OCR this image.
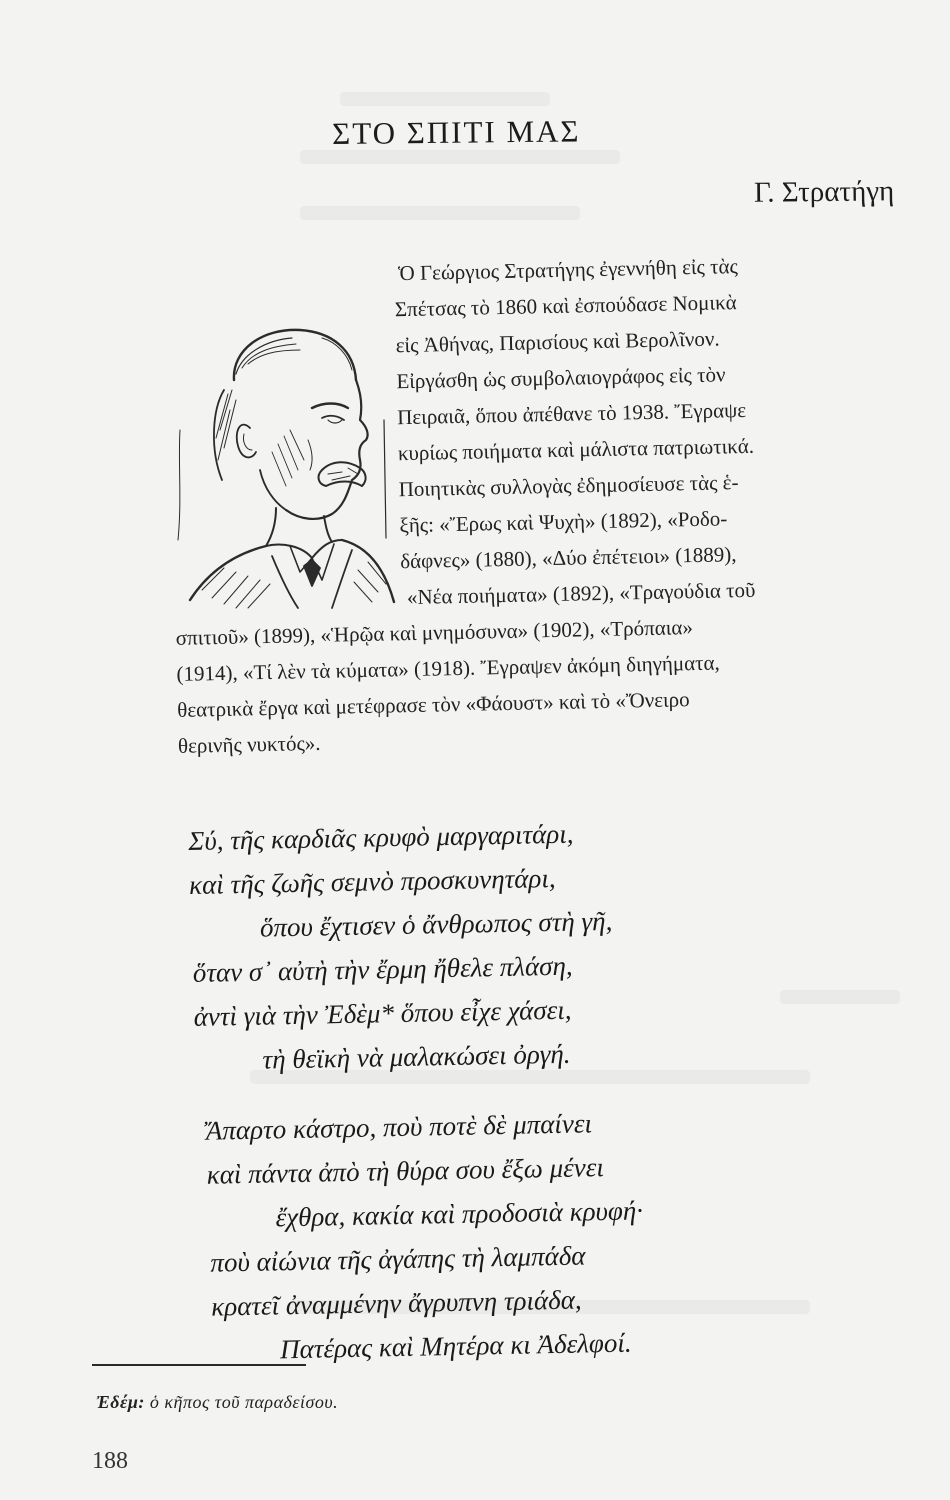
ΣΤΟ ΣΠΙΤΙ ΜΑΣ
Γ. Στρατήγη
Ὁ Γεώργιος Στρατήγης ἐγεννήθη εἰς τὰς
Σπέτσας τὸ 1860 καὶ ἐσπούδασε Νομικὰ
εἰς Ἀθήνας, Παρισίους καὶ Βερολῖνον.
Εἰργάσθη ὡς συμβολαιογράφος εἰς τὸν
Πειραιᾶ, ὅπου ἀπέθανε τὸ 1938. Ἔγραψε
κυρίως ποιήματα καὶ μάλιστα πατριωτικά.
Ποιητικὰς συλλογὰς ἐδημοσίευσε τὰς ἑ-
ξῆς: «Ἔρως καὶ Ψυχὴ» (1892), «Ροδο-
δάφνες» (1880), «Δύο ἐπέτειοι» (1889),
«Νέα ποιήματα» (1892), «Τραγούδια τοῦ
σπιτιοῦ» (1899), «Ἡρῷα καὶ μνημόσυνα» (1902), «Τρόπαια»
(1914), «Τί λὲν τὰ κύματα» (1918). Ἔγραψεν ἀκόμη διηγήματα,
θεατρικὰ ἔργα καὶ μετέφρασε τὸν «Φάουστ» καὶ τὸ «Ὄνειρο
θερινῆς νυκτός».
Σύ, τῆς καρδιᾶς κρυφὸ μαργαριτάρι,
καὶ τῆς ζωῆς σεμνὸ προσκυνητάρι,
ὅπου ἔχτισεν ὁ ἄνθρωπος στὴ γῆ,
ὅταν σ᾽ αὐτὴ τὴν ἔρμη ἤθελε πλάση,
ἀντὶ γιὰ τὴν Ἐδὲμ* ὅπου εἶχε χάσει,
τὴ θεϊκὴ νὰ μαλακώσει ὀργή.
Ἄπαρτο κάστρο, ποὺ ποτὲ δὲ μπαίνει
καὶ πάντα ἀπὸ τὴ θύρα σου ἔξω μένει
ἔχθρα, κακία καὶ προδοσιὰ κρυφή·
ποὺ αἰώνια τῆς ἀγάπης τὴ λαμπάδα
κρατεῖ ἀναμμένην ἄγρυπνη τριάδα,
Πατέρας καὶ Μητέρα κι Ἀδελφοί.
Ἐδέμ: ὁ κῆπος τοῦ παραδείσου.
188
